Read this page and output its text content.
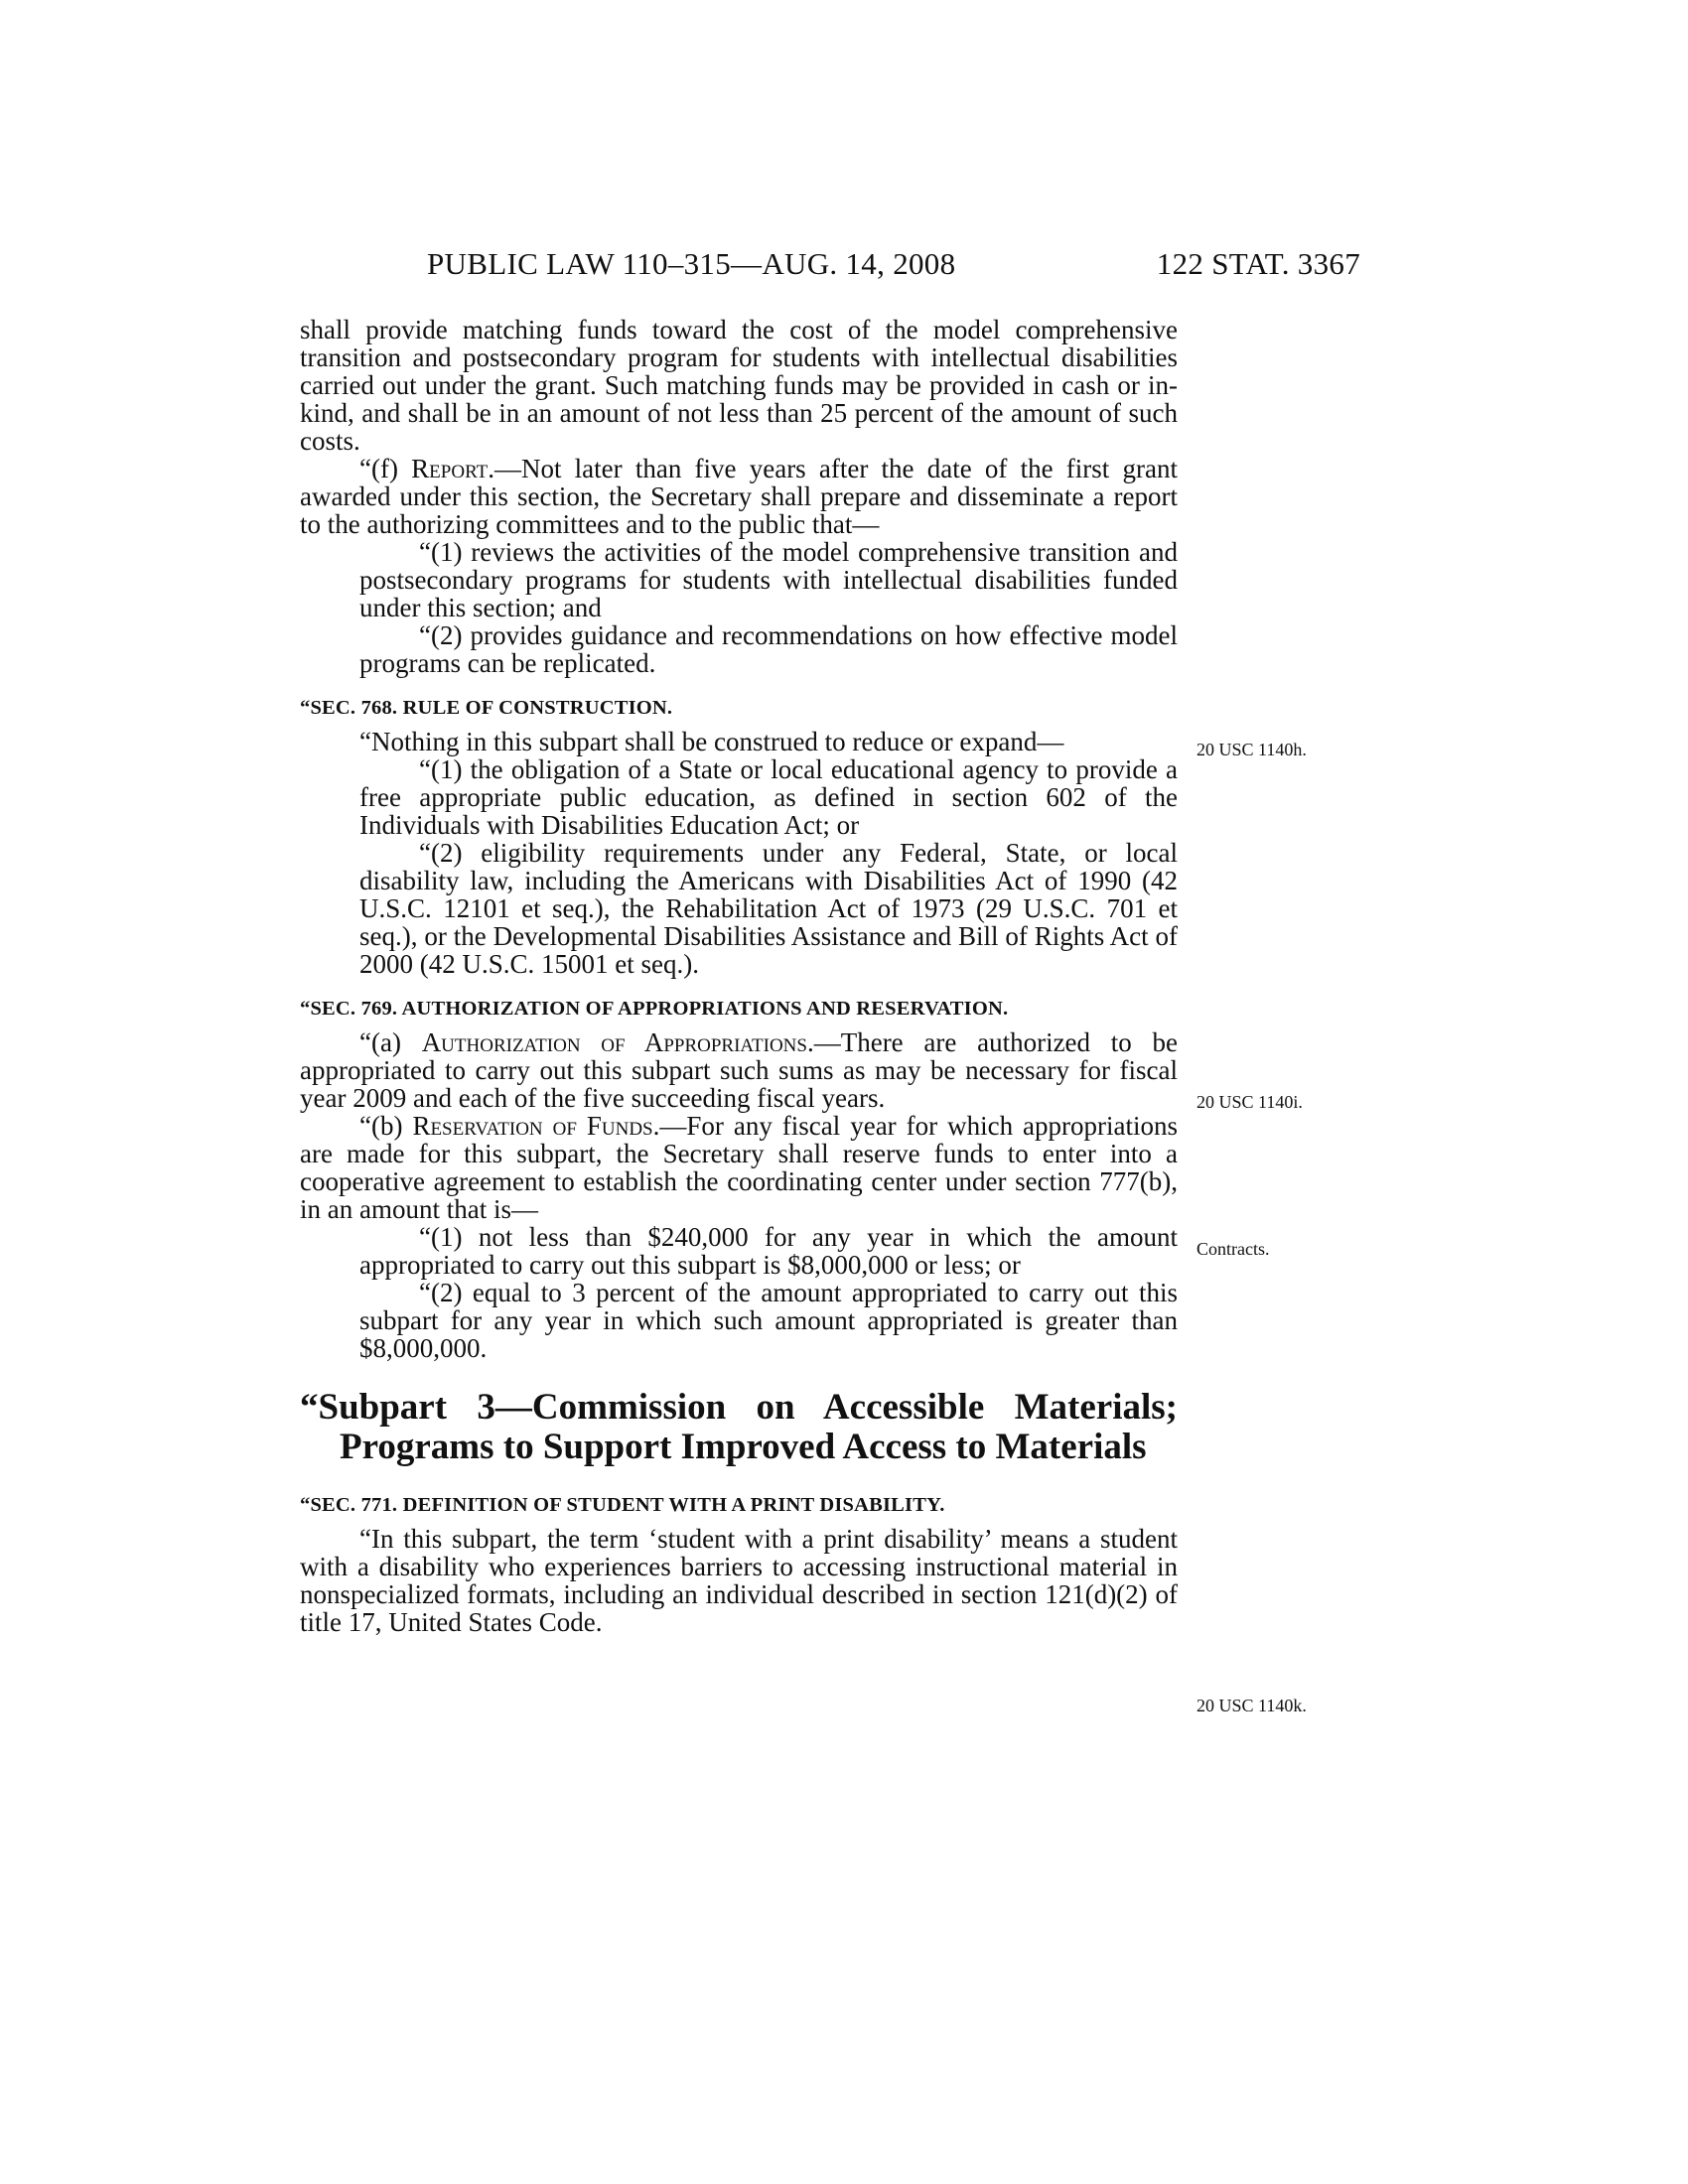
PUBLIC LAW 110–315—AUG. 14, 2008	122 STAT. 3367

shall provide matching funds toward the cost of the model comprehensive transition and postsecondary program for students with intellectual disabilities carried out under the grant. Such matching funds may be provided in cash or in-kind, and shall be in an amount of not less than 25 percent of the amount of such costs.

“(f) Report.—Not later than five years after the date of the first grant awarded under this section, the Secretary shall prepare and disseminate a report to the authorizing committees and to the public that—

“(1) reviews the activities of the model comprehensive transition and postsecondary programs for students with intellectual disabilities funded under this section; and

“(2) provides guidance and recommendations on how effective model programs can be replicated.

“SEC. 768. RULE OF CONSTRUCTION.

“Nothing in this subpart shall be construed to reduce or expand—

“(1) the obligation of a State or local educational agency to provide a free appropriate public education, as defined in section 602 of the Individuals with Disabilities Education Act; or

“(2) eligibility requirements under any Federal, State, or local disability law, including the Americans with Disabilities Act of 1990 (42 U.S.C. 12101 et seq.), the Rehabilitation Act of 1973 (29 U.S.C. 701 et seq.), or the Developmental Disabilities Assistance and Bill of Rights Act of 2000 (42 U.S.C. 15001 et seq.).

“SEC. 769. AUTHORIZATION OF APPROPRIATIONS AND RESERVATION.

“(a) Authorization of Appropriations.—There are authorized to be appropriated to carry out this subpart such sums as may be necessary for fiscal year 2009 and each of the five succeeding fiscal years.

“(b) Reservation of Funds.—For any fiscal year for which appropriations are made for this subpart, the Secretary shall reserve funds to enter into a cooperative agreement to establish the coordinating center under section 777(b), in an amount that is—

“(1) not less than $240,000 for any year in which the amount appropriated to carry out this subpart is $8,000,000 or less; or

“(2) equal to 3 percent of the amount appropriated to carry out this subpart for any year in which such amount appropriated is greater than $8,000,000.

“Subpart 3—Commission on Accessible Materials; Programs to Support Improved Access to Materials

“SEC. 771. DEFINITION OF STUDENT WITH A PRINT DISABILITY.

“In this subpart, the term ‘student with a print disability’ means a student with a disability who experiences barriers to accessing instructional material in nonspecialized formats, including an individual described in section 121(d)(2) of title 17, United States Code.

20 USC 1140h.
20 USC 1140i.
Contracts.
20 USC 1140k.
